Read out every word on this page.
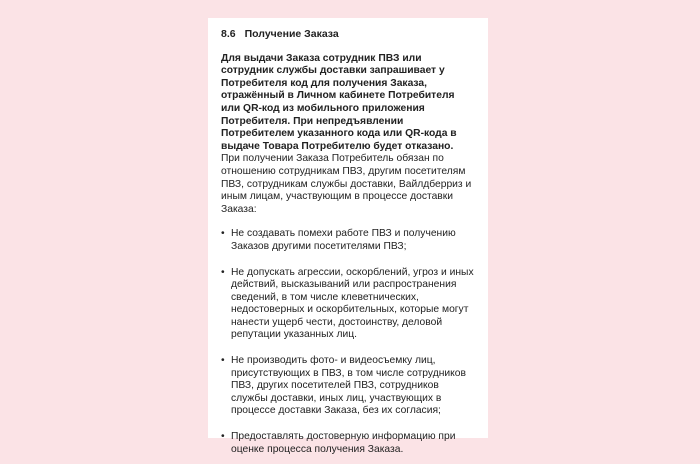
8.6 Получение Заказа

Для выдачи Заказа сотрудник ПВЗ или сотрудник службы доставки запрашивает у Потребителя код для получения Заказа, отражённый в Личном кабинете Потребителя или QR-код из мобильного приложения Потребителя. При непредъявлении Потребителем указанного кода или QR-кода в выдаче Товара Потребителю будет отказано.

При получении Заказа Потребитель обязан по отношению сотрудникам ПВЗ, другим посетителям ПВЗ, сотрудникам службы доставки, Вайлдберриз и иным лицам, участвующим в процессе доставки Заказа:

• Не создавать помехи работе ПВЗ и получению Заказов другими посетителями ПВЗ;
• Не допускать агрессии, оскорблений, угроз и иных действий, высказываний или распространения сведений, в том числе клеветнических, недостоверных и оскорбительных, которые могут нанести ущерб чести, достоинству, деловой репутации указанных лиц.
• Не производить фото- и видеосъемку лиц, присутствующих в ПВЗ, в том числе сотрудников ПВЗ, других посетителей ПВЗ, сотрудников службы доставки, иных лиц, участвующих в процессе доставки Заказа, без их согласия;
• Предоставлять достоверную информацию при оценке процесса получения Заказа.
